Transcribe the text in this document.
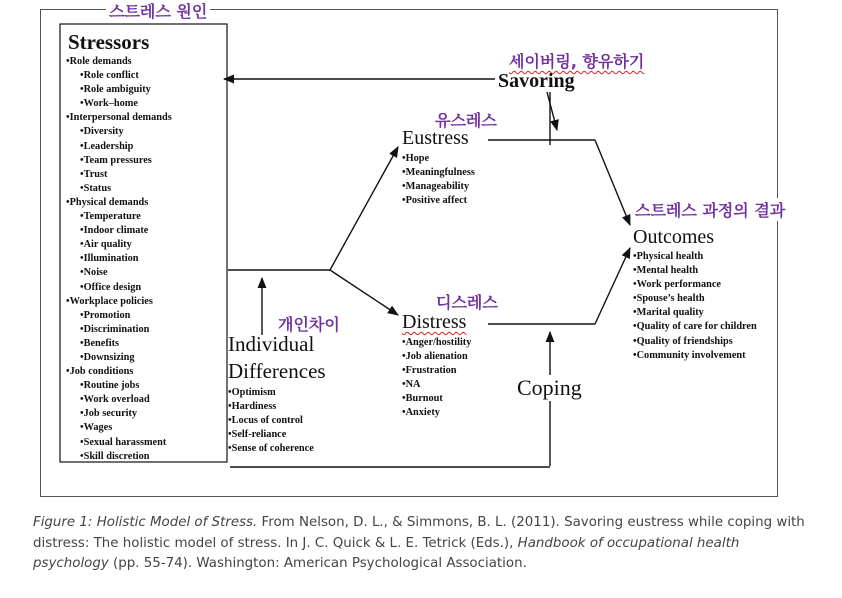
스트레스 원인
세이버링, 향유하기
유스레스
스트레스 과정의 결과
개인차이
디스레스
Stressors
•Role demands
•Role conflict
•Role ambiguity
•Work–home
•Interpersonal demands
•Diversity
•Leadership
•Team pressures
•Trust
•Status
•Physical demands
•Temperature
•Indoor climate
•Air quality
•Illumination
•Noise
•Office design
•Workplace policies
•Promotion
•Discrimination
•Benefits
•Downsizing
•Job conditions
•Routine jobs
•Work overload
•Job security
•Wages
•Sexual harassment
•Skill discretion
Savoring
Eustress
•Hope
•Meaningfulness
•Manageability
•Positive affect
Outcomes
•Physical health
•Mental health
•Work performance
•Spouse’s health
•Marital quality
•Quality of care for children
•Quality of friendships
•Community involvement
Distress
•Anger/hostility
•Job alienation
•Frustration
•NA
•Burnout
•Anxiety
Individual
Differences
•Optimism
•Hardiness
•Locus of control
•Self-reliance
•Sense of coherence
Coping
Figure 1: Holistic Model of Stress. From Nelson, D. L., & Simmons, B. L. (2011). Savoring eustress while coping with distress: The holistic model of stress. In J. C. Quick & L. E. Tetrick (Eds.), Handbook of occupational health psychology (pp. 55-74). Washington: American Psychological Association.
